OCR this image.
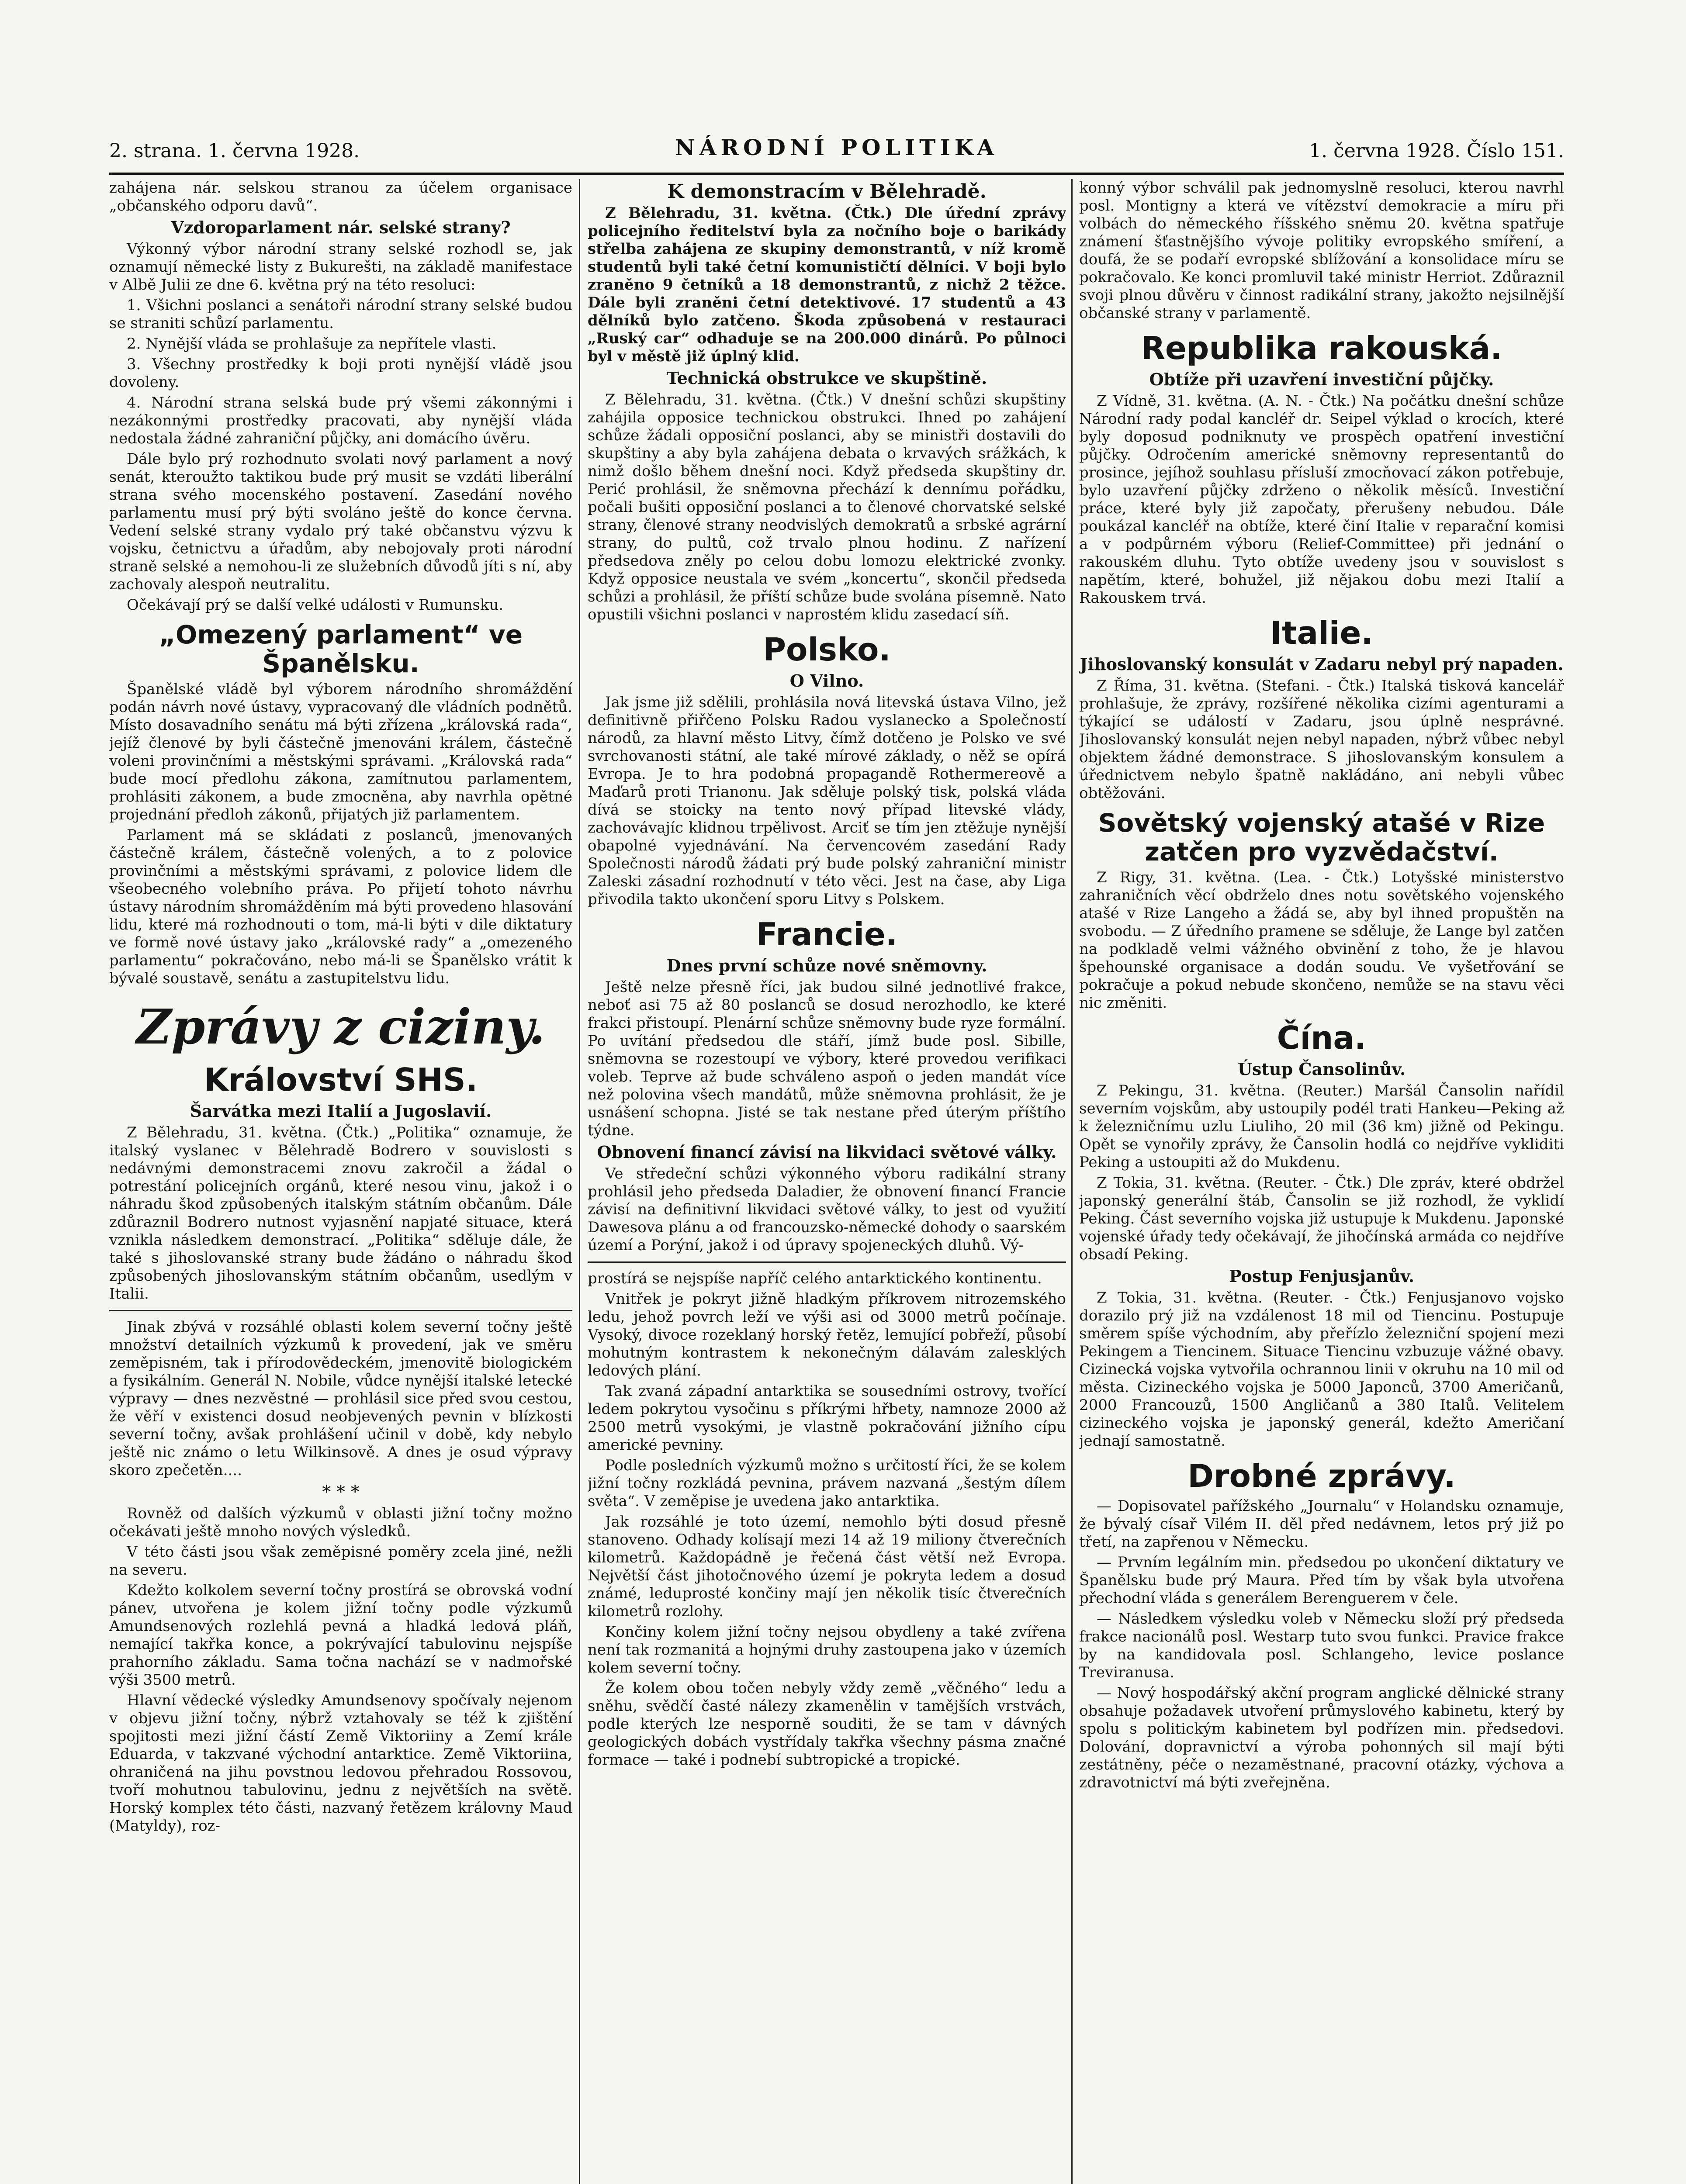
2. strana. 1. června 1928.	NÁRODNÍ POLITIKA	1. června 1928. Číslo 151.

zahájena nár. selskou stranou za účelem organisace „občanského odporu davů“.

Vzdoroparlament nár. selské strany?

Výkonný výbor národní strany selské rozhodl se, jak oznamují německé listy z Bukurešti, na základě manifestace v Albě Julii ze dne 6. května prý na této resoluci:

1. Všichni poslanci a senátoři národní strany selské budou se straniti schůzí parlamentu.

2. Nynější vláda se prohlašuje za nepřítele vlasti.

3. Všechny prostředky k boji proti nynější vládě jsou dovoleny.

4. Národní strana selská bude prý všemi zákonnými i nezákonnými prostředky pracovati, aby nynější vláda nedostala žádné zahraniční půjčky, ani domácího úvěru.

Dále bylo prý rozhodnuto svolati nový parlament a nový senát, kteroužto taktikou bude prý musit se vzdáti liberální strana svého mocenského postavení. Zasedání nového parlamentu musí prý býti svoláno ještě do konce června. Vedení selské strany vydalo prý také občanstvu výzvu k vojsku, četnictvu a úřadům, aby nebojovaly proti národní straně selské a nemohou-li ze služebních důvodů jíti s ní, aby zachovaly alespoň neutralitu.

Očekávají prý se další velké události v Rumunsku.

„Omezený parlament“ ve Španělsku.

Španělské vládě byl výborem národního shromáždění podán návrh nové ústavy, vypracovaný dle vládních podnětů. Místo dosavadního senátu má býti zřízena „královská rada“, jejíž členové by byli částečně jmenováni králem, částečně voleni provinčními a městskými správami. „Královská rada“ bude mocí předlohu zákona, zamítnutou parlamentem, prohlásiti zákonem, a bude zmocněna, aby navrhla opětné projednání předloh zákonů, přijatých již parlamentem.

Parlament má se skládati z poslanců, jmenovaných částečně králem, částečně volených, a to z polovice provinčními a městskými správami, z polovice lidem dle všeobecného volebního práva. Po přijetí tohoto návrhu ústavy národním shromážděním má býti provedeno hlasování lidu, které má rozhodnouti o tom, má-li býti v dile diktatury ve formě nové ústavy jako „královské rady“ a „omezeného parlamentu“ pokračováno, nebo má-li se Španělsko vrátit k bývalé soustavě, senátu a zastupitelstvu lidu.

Zprávy z ciziny.
Království SHS.
Šarvátka mezi Italií a Jugoslavií.

Z Bělehradu, 31. května. (Čtk.) „Politika“ oznamuje, že italský vyslanec v Bělehradě Bodrero v souvislosti s nedávnými demonstracemi znovu zakročil a žádal o potrestání policejních orgánů, které nesou vinu, jakož i o náhradu škod způsobených italským státním občanům. Dále zdůraznil Bodrero nutnost vyjasnění napjaté situace, která vznikla následkem demonstrací. „Politika“ sděluje dále, že také s jihoslovanské strany bude žádáno o náhradu škod způsobených jihoslovanským státním občanům, usedlým v Italii.

Jinak zbývá v rozsáhlé oblasti kolem severní točny ještě množství detailních výzkumů k provedení, jak ve směru zeměpisném, tak i přírodovědeckém, jmenovitě biologickém a fysikálním. Generál N. Nobile, vůdce nynější italské letecké výpravy — dnes nezvěstné — prohlásil sice před svou cestou, že věří v existenci dosud neobjevených pevnin v blízkosti severní točny, avšak prohlášení učinil v době, kdy nebylo ještě nic známo o letu Wilkinsově. A dnes je osud výpravy skoro zpečetěn....

* * *

Rovněž od dalších výzkumů v oblasti jižní točny možno očekávati ještě mnoho nových výsledků.

V této části jsou však zeměpisné poměry zcela jiné, nežli na severu.

Kdežto kolkolem severní točny prostírá se obrovská vodní pánev, utvořena je kolem jižní točny podle výzkumů Amundsenových rozlehlá pevná a hladká ledová pláň, nemající takřka konce, a pokrývající tabulovinu nejspíše prahorního základu. Sama točna nachází se v nadmořské výši 3500 metrů.

Hlavní vědecké výsledky Amundsenovy spočívaly nejenom v objevu jižní točny, nýbrž vztahovaly se též k zjištění spojitosti mezi jižní částí Země Viktoriiny a Zemí krále Eduarda, v takzvané východní antarktice. Země Viktoriina, ohraničená na jihu povstnou ledovou přehradou Rossovou, tvoří mohutnou tabulovinu, jednu z největších na světě. Horský komplex této části, nazvaný řetězem královny Maud (Matyldy), roz-

K demonstracím v Bělehradě.

Z Bělehradu, 31. května. (Čtk.) Dle úřední zprávy policejního ředitelství byla za nočního boje o barikády střelba zahájena ze skupiny demonstrantů, v níž kromě studentů byli také četní komunističtí dělníci. V boji bylo zraněno 9 četníků a 18 demonstrantů, z nichž 2 těžce. Dále byli zraněni četní detektivové. 17 studentů a 43 dělníků bylo zatčeno. Škoda způsobená v restauraci „Ruský car“ odhaduje se na 200.000 dinárů. Po půlnoci byl v městě již úplný klid.

Technická obstrukce ve skupštině.

Z Bělehradu, 31. května. (Čtk.) V dnešní schůzi skupštiny zahájila opposice technickou obstrukci. Ihned po zahájení schůze žádali opposiční poslanci, aby se ministři dostavili do skupštiny a aby byla zahájena debata o krvavých srážkách, k nimž došlo během dnešní noci. Když předseda skupštiny dr. Perić prohlásil, že sněmovna přechází k dennímu pořádku, počali bušiti opposiční poslanci a to členové chorvatské selské strany, členové strany neodvislých demokratů a srbské agrární strany, do pultů, což trvalo plnou hodinu. Z nařízení předsedova zněly po celou dobu lomozu elektrické zvonky. Když opposice neustala ve svém „koncertu“, skončil předseda schůzi a prohlásil, že příští schůze bude svolána písemně. Nato opustili všichni poslanci v naprostém klidu zasedací síň.

Polsko.
O Vilno.

Jak jsme již sdělili, prohlásila nová litevská ústava Vilno, jež definitivně přiřčeno Polsku Radou vyslanecko a Společností národů, za hlavní město Litvy, čímž dotčeno je Polsko ve své svrchovanosti státní, ale také mírové základy, o něž se opírá Evropa. Je to hra podobná propagandě Rothermereově a Maďarů proti Trianonu. Jak sděluje polský tisk, polská vláda dívá se stoicky na tento nový případ litevské vlády, zachovávajíc klidnou trpělivost. Arciť se tím jen ztěžuje nynější obapolné vyjednávání. Na červencovém zasedání Rady Společnosti národů žádati prý bude polský zahraniční ministr Zaleski zásadní rozhodnutí v této věci. Jest na čase, aby Liga přivodila takto ukončení sporu Litvy s Polskem.

Francie.
Dnes první schůze nové sněmovny.

Ještě nelze přesně říci, jak budou silné jednotlivé frakce, neboť asi 75 až 80 poslanců se dosud nerozhodlo, ke které frakci přistoupí. Plenární schůze sněmovny bude ryze formální. Po uvítání předsedou dle stáří, jímž bude posl. Sibille, sněmovna se rozestoupí ve výbory, které provedou verifikaci voleb. Teprve až bude schváleno aspoň o jeden mandát více než polovina všech mandátů, může sněmovna prohlásit, že je usnášení schopna. Jisté se tak nestane před úterým příštího týdne.

Obnovení financí závisí na likvidaci světové války.

Ve středeční schůzi výkonného výboru radikální strany prohlásil jeho předseda Daladier, že obnovení financí Francie závisí na definitivní likvidaci světové války, to jest od využití Dawesova plánu a od francouzsko-německé dohody o saarském území a Porýní, jakož i od úpravy spojeneckých dluhů. Vý-

prostírá se nejspíše napříč celého antarktického kontinentu.

Vnitřek je pokryt jižně hladkým příkrovem nitrozemského ledu, jehož povrch leží ve výši asi od 3000 metrů počínaje. Vysoký, divoce rozeklaný horský řetěz, lemující pobřeží, působí mohutným kontrastem k nekonečným dálavám zalesklých ledových plání.

Tak zvaná západní antarktika se sousedními ostrovy, tvořící ledem pokrytou vysočinu s příkrými hřbety, namnoze 2000 až 2500 metrů vysokými, je vlastně pokračování jižního cípu americké pevniny.

Podle posledních výzkumů možno s určitostí říci, že se kolem jižní točny rozkládá pevnina, právem nazvaná „šestým dílem světa“. V zeměpise je uvedena jako antarktika.

Jak rozsáhlé je toto území, nemohlo býti dosud přesně stanoveno. Odhady kolísají mezi 14 až 19 miliony čtverečních kilometrů. Každopádně je řečená část větší než Evropa. Největší část jihotočnového území je pokryta ledem a dosud známé, leduprosté končiny mají jen několik tisíc čtverečních kilometrů rozlohy.

Končiny kolem jižní točny nejsou obydleny a také zvířena není tak rozmanitá a hojnými druhy zastoupena jako v územích kolem severní točny.

Že kolem obou točen nebyly vždy země „věčného“ ledu a sněhu, svědčí časté nálezy zkamenělin v tamějších vrstvách, podle kterých lze nesporně souditi, že se tam v dávných geologických dobách vystřídaly takřka všechny pásma značné formace — také i podnebí subtropické a tropické.

konný výbor schválil pak jednomyslně resoluci, kterou navrhl posl. Montigny a která ve vítězství demokracie a míru při volbách do německého říšského sněmu 20. května spatřuje známení šťastnějšího vývoje politiky evropského smíření, a doufá, že se podaří evropské sblížování a konsolidace míru se pokračovalo. Ke konci promluvil také ministr Herriot. Zdůraznil svoji plnou důvěru v činnost radikální strany, jakožto nejsilnější občanské strany v parlamentě.

Republika rakouská.
Obtíže při uzavření investiční půjčky.

Z Vídně, 31. května. (A. N. - Čtk.) Na počátku dnešní schůze Národní rady podal kancléř dr. Seipel výklad o krocích, které byly doposud podniknuty ve prospěch opatření investiční půjčky. Odročením americké sněmovny representantů do prosince, jejíhož souhlasu přísluší zmocňovací zákon potřebuje, bylo uzavření půjčky zdrženo o několik měsíců. Investiční práce, které byly již započaty, přerušeny nebudou. Dále poukázal kancléř na obtíže, které činí Italie v reparační komisi a v podpůrném výboru (Relief-Committee) při jednání o rakouském dluhu. Tyto obtíže uvedeny jsou v souvislost s napětím, které, bohužel, již nějakou dobu mezi Italií a Rakouskem trvá.

Italie.
Jihoslovanský konsulát v Zadaru nebyl prý napaden.

Z Říma, 31. května. (Stefani. - Čtk.) Italská tisková kancelář prohlašuje, že zprávy, rozšířené několika cizími agenturami a týkající se událostí v Zadaru, jsou úplně nesprávné. Jihoslovanský konsulát nejen nebyl napaden, nýbrž vůbec nebyl objektem žádné demonstrace. S jihoslovanským konsulem a úřednictvem nebylo špatně nakládáno, ani nebyli vůbec obtěžováni.

Sovětský vojenský atašé v Rize zatčen pro vyzvědačství.

Z Rigy, 31. května. (Lea. - Čtk.) Lotyšské ministerstvo zahraničních věcí obdrželo dnes notu sovětského vojenského atašé v Rize Langeho a žádá se, aby byl ihned propuštěn na svobodu. — Z úředního pramene se sděluje, že Lange byl zatčen na podkladě velmi vážného obvinění z toho, že je hlavou špehounské organisace a dodán soudu. Ve vyšetřování se pokračuje a pokud nebude skončeno, nemůže se na stavu věci nic změniti.

Čína.
Ústup Čansolinův.

Z Pekingu, 31. května. (Reuter.) Maršál Čansolin nařídil severním vojskům, aby ustoupily podél trati Hankeu—Peking až k železničnímu uzlu Liuliho, 20 mil (36 km) jižně od Pekingu. Opět se vynořily zprávy, že Čansolin hodlá co nejdříve vykliditi Peking a ustoupiti až do Mukdenu.

Z Tokia, 31. května. (Reuter. - Čtk.) Dle zpráv, které obdržel japonský generální štáb, Čansolin se již rozhodl, že vyklidí Peking. Část severního vojska již ustupuje k Mukdenu. Japonské vojenské úřady tedy očekávají, že jihočínská armáda co nejdříve obsadí Peking.

Postup Fenjusjanův.

Z Tokia, 31. května. (Reuter. - Čtk.) Fenjusjanovo vojsko dorazilo prý již na vzdálenost 18 mil od Tiencinu. Postupuje směrem spíše východním, aby přeřízlo železniční spojení mezi Pekingem a Tiencinem. Situace Tiencinu vzbuzuje vážné obavy. Cizinecká vojska vytvořila ochrannou linii v okruhu na 10 mil od města. Cizineckého vojska je 5000 Japonců, 3700 Američanů, 2000 Francouzů, 1500 Angličanů a 380 Italů. Velitelem cizineckého vojska je japonský generál, kdežto Američaní jednají samostatně.

Drobné zprávy.

— Dopisovatel pařížského „Journalu“ v Holandsku oznamuje, že bývalý císař Vilém II. děl před nedávnem, letos prý již po třetí, na zapřenou v Německu.

— Prvním legálním min. předsedou po ukončení diktatury ve Španělsku bude prý Maura. Před tím by však byla utvořena přechodní vláda s generálem Berenguerem v čele.

— Následkem výsledku voleb v Německu složí prý předseda frakce nacionálů posl. Westarp tuto svou funkci. Pravice frakce by na kandidovala posl. Schlangeho, levice poslance Treviranusa.

— Nový hospodářský akční program anglické dělnické strany obsahuje požadavek utvoření průmyslového kabinetu, který by spolu s politickým kabinetem byl podřízen min. předsedovi. Dolování, dopravnictví a výroba pohonných sil mají býti zestátněny, péče o nezaměstnané, pracovní otázky, výchova a zdravotnictví má býti zveřejněna.
